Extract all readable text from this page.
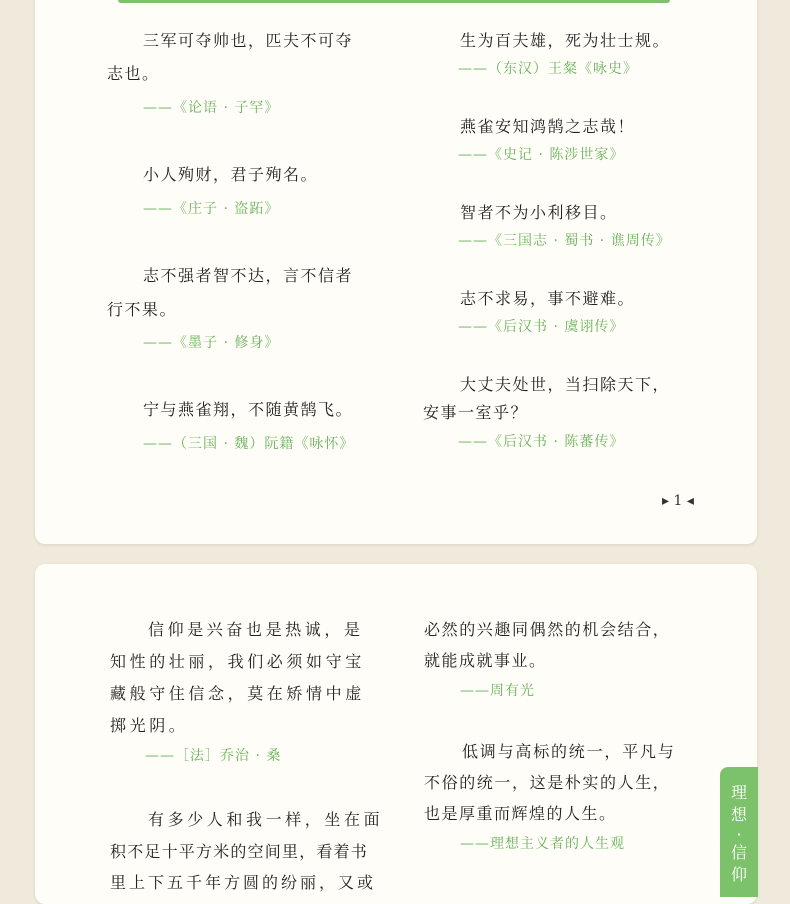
三军可夺帅也，匹夫不可夺
志也。
——《论语 · 子罕》
小人殉财，君子殉名。
——《庄子 · 盗跖》
志不强者智不达，言不信者
行不果。
——《墨子 · 修身》
宁与燕雀翔，不随黄鹄飞。
——（三国 · 魏）阮籍《咏怀》
生为百夫雄，死为壮士规。
——（东汉）王粲《咏史》
燕雀安知鸿鹄之志哉！
——《史记 · 陈涉世家》
智者不为小利移目。
——《三国志 · 蜀书 · 谯周传》
志不求易，事不避难。
——《后汉书 · 虞诩传》
大丈夫处世，当扫除天下，
安事一室乎？
——《后汉书 · 陈蕃传》
▸ 1 ◂
信仰是兴奋也是热诚，是
知性的壮丽，我们必须如守宝
藏般守住信念，莫在矫情中虚
掷光阴。
——［法］乔治 · 桑
有多少人和我一样，坐在面
积不足十平方米的空间里，看着书
里上下五千年方圆的纷丽，又或
必然的兴趣同偶然的机会结合，
就能成就事业。
——周有光
低调与高标的统一，平凡与
不俗的统一，这是朴实的人生，
也是厚重而辉煌的人生。
——理想主义者的人生观
理
想
·
信
仰
